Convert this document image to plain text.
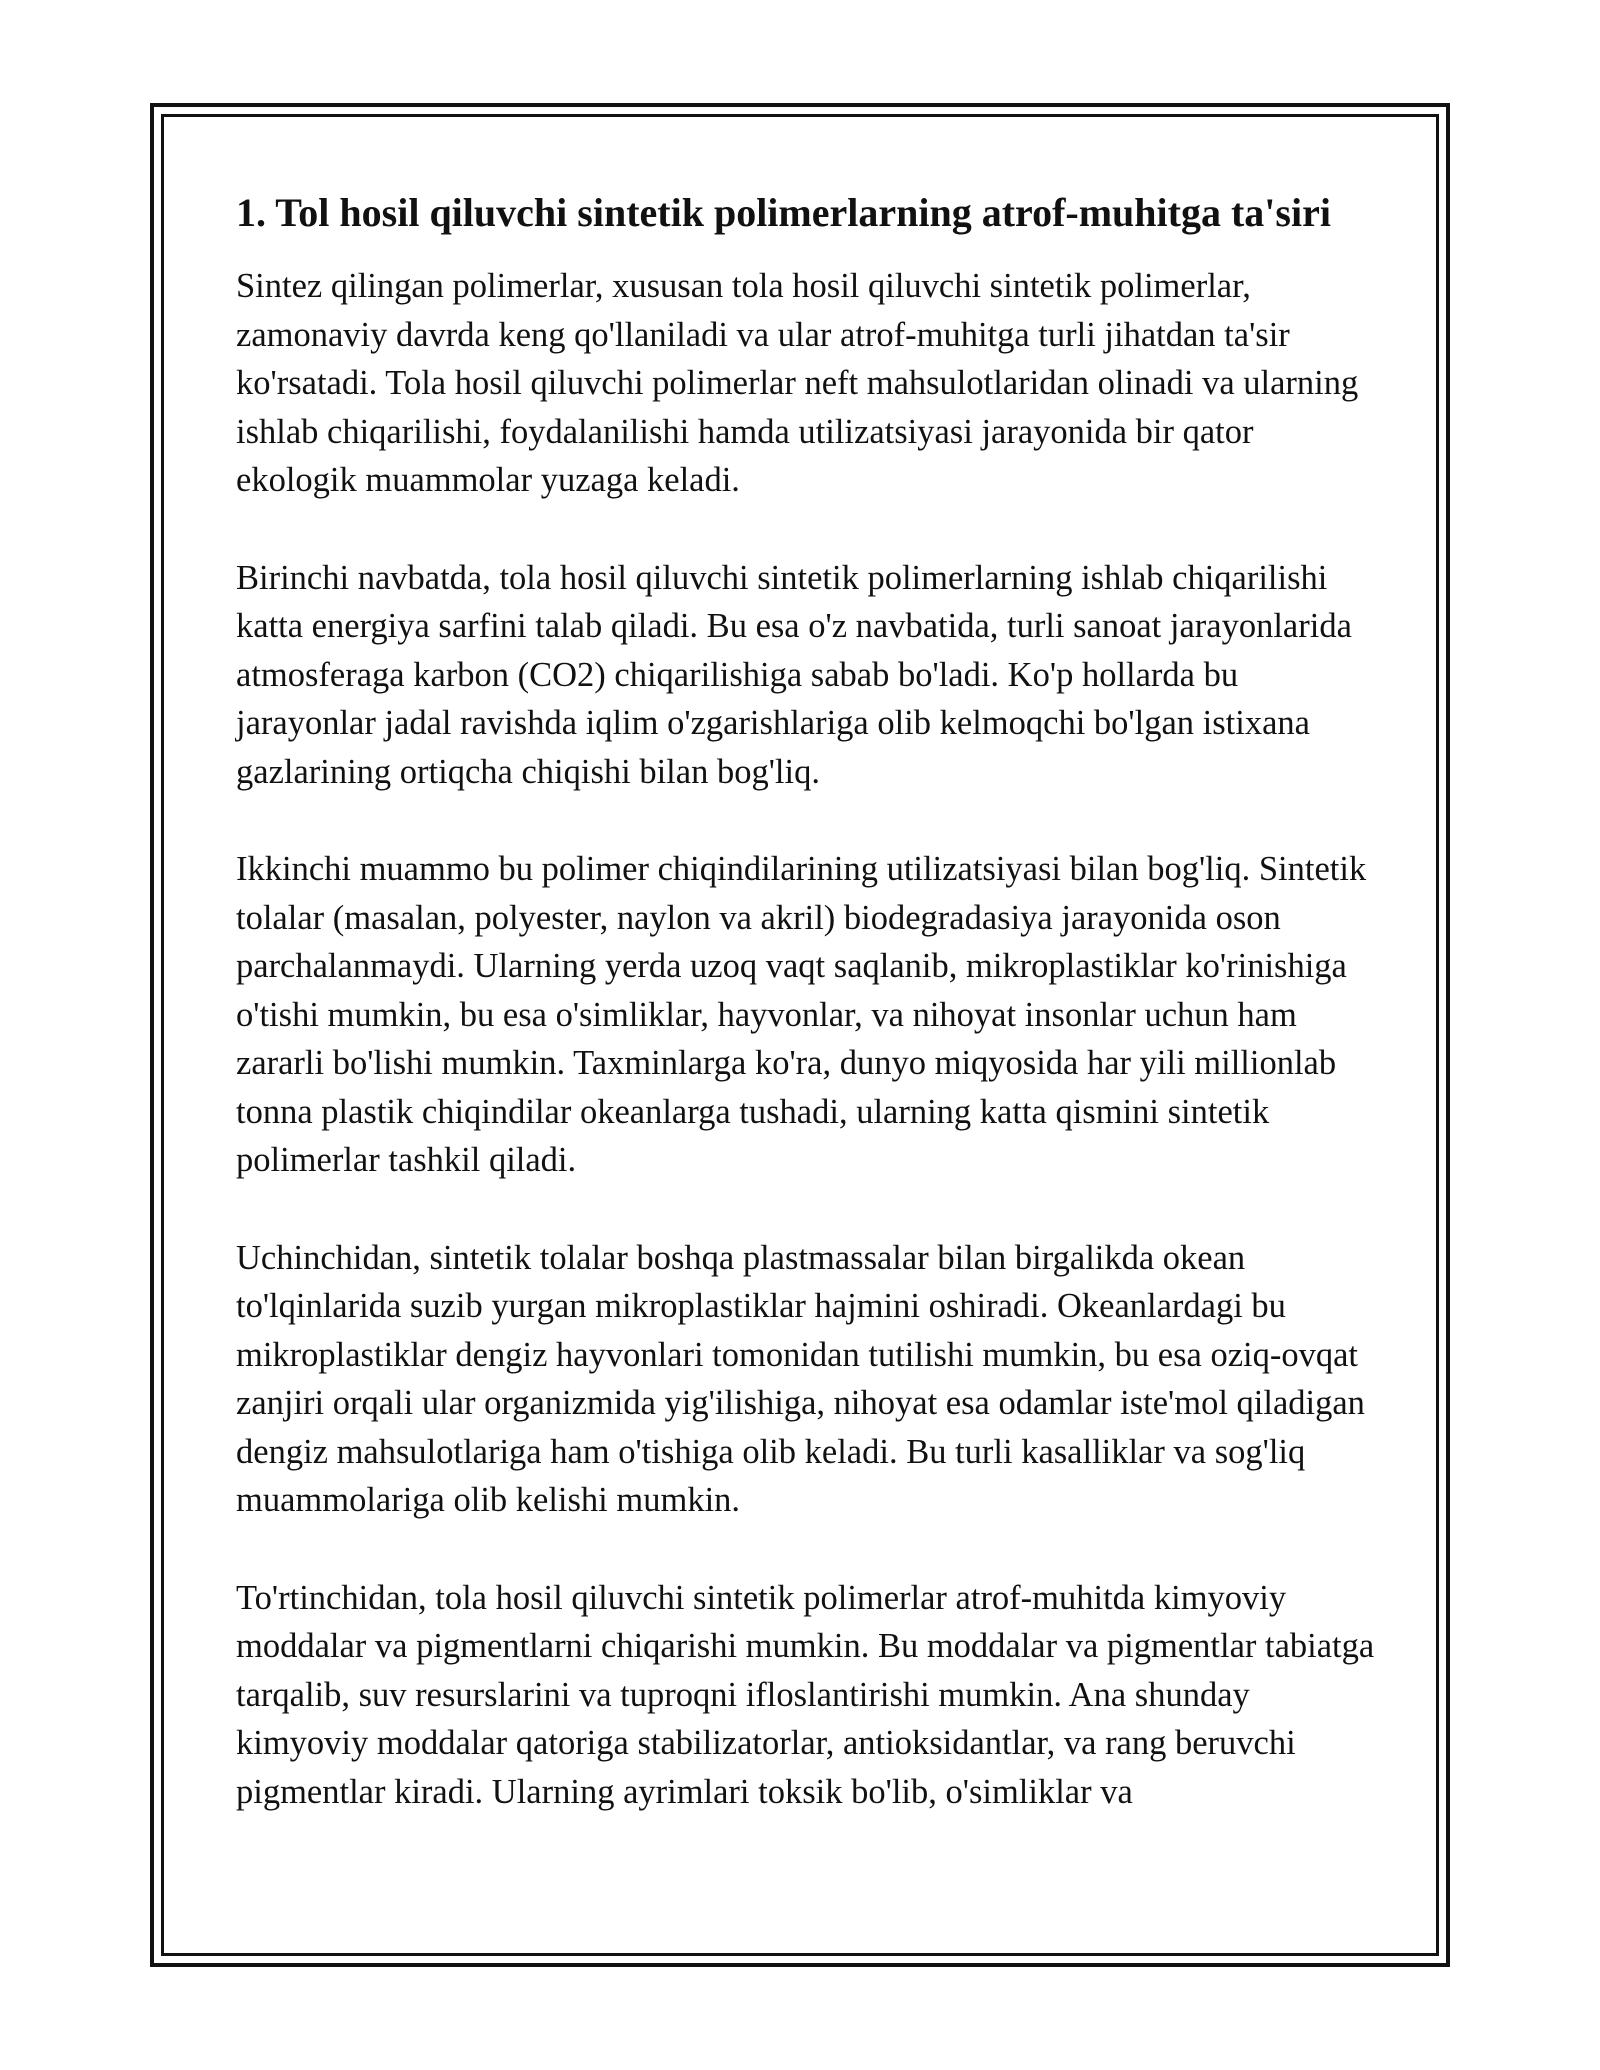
1. Tol hosil qiluvchi sintetik polimerlarning atrof-muhitga ta'siri

Sintez qilingan polimerlar, xususan tola hosil qiluvchi sintetik polimerlar, zamonaviy davrda keng qo'llaniladi va ular atrof-muhitga turli jihatdan ta'sir ko'rsatadi. Tola hosil qiluvchi polimerlar neft mahsulotlaridan olinadi va ularning ishlab chiqarilishi, foydalanilishi hamda utilizatsiyasi jarayonida bir qator ekologik muammolar yuzaga keladi.

Birinchi navbatda, tola hosil qiluvchi sintetik polimerlarning ishlab chiqarilishi katta energiya sarfini talab qiladi. Bu esa o'z navbatida, turli sanoat jarayonlarida atmosferaga karbon (CO2) chiqarilishiga sabab bo'ladi. Ko'p hollarda bu jarayonlar jadal ravishda iqlim o'zgarishlariga olib kelmoqchi bo'lgan istixana gazlarining ortiqcha chiqishi bilan bog'liq.

Ikkinchi muammo bu polimer chiqindilarining utilizatsiyasi bilan bog'liq. Sintetik tolalar (masalan, polyester, naylon va akril) biodegradasiya jarayonida oson parchalanmaydi. Ularning yerda uzoq vaqt saqlanib, mikroplastiklar ko'rinishiga o'tishi mumkin, bu esa o'simliklar, hayvonlar, va nihoyat insonlar uchun ham zararli bo'lishi mumkin. Taxminlarga ko'ra, dunyo miqyosida har yili millionlab tonna plastik chiqindilar okeanlarga tushadi, ularning katta qismini sintetik polimerlar tashkil qiladi.

Uchinchidan, sintetik tolalar boshqa plastmassalar bilan birgalikda okean to'lqinlarida suzib yurgan mikroplastiklar hajmini oshiradi. Okeanlardagi bu mikroplastiklar dengiz hayvonlari tomonidan tutilishi mumkin, bu esa oziq-ovqat zanjiri orqali ular organizmida yig'ilishiga, nihoyat esa odamlar iste'mol qiladigan dengiz mahsulotlariga ham o'tishiga olib keladi. Bu turli kasalliklar va sog'liq muammolariga olib kelishi mumkin.

To'rtinchidan, tola hosil qiluvchi sintetik polimerlar atrof-muhitda kimyoviy moddalar va pigmentlarni chiqarishi mumkin. Bu moddalar va pigmentlar tabiatga tarqalib, suv resurslarini va tuproqni ifloslantirishi mumkin. Ana shunday kimyoviy moddalar qatoriga stabilizatorlar, antioksidantlar, va rang beruvchi pigmentlar kiradi. Ularning ayrimlari toksik bo'lib, o'simliklar va
